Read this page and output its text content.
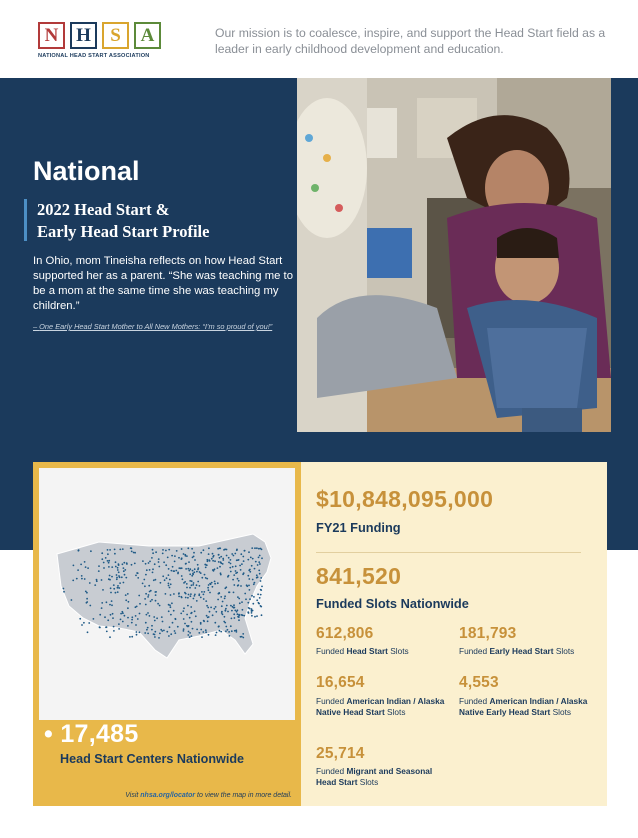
N H	S	A
NATIONAL HEAD START ASSOCIATION
Our mission is to coalesce, inspire, and support the Head Start field as a leader in early childhood development and education.
National
2022 Head Start &
Early Head Start Profile
In Ohio, mom Tineisha reflects on how Head Start supported her as a parent. “She was teaching me to be a mom at the same time she was teaching my children.”
– One Early Head Start Mother to All New Mothers: “I’m so proud of you!”
• 17,485
Head Start Centers Nationwide
Visit nhsa.org/locator to view the map in more detail.
$10,848,095,000
FY21 Funding
841,520
Funded Slots Nationwide
612,806
Funded Head Start Slots
181,793
Funded Early Head Start Slots
16,654
Funded American Indian / Alaska Native Head Start Slots
4,553
Funded American Indian / Alaska Native Early Head Start Slots
25,714
Funded Migrant and Seasonal Head Start Slots
